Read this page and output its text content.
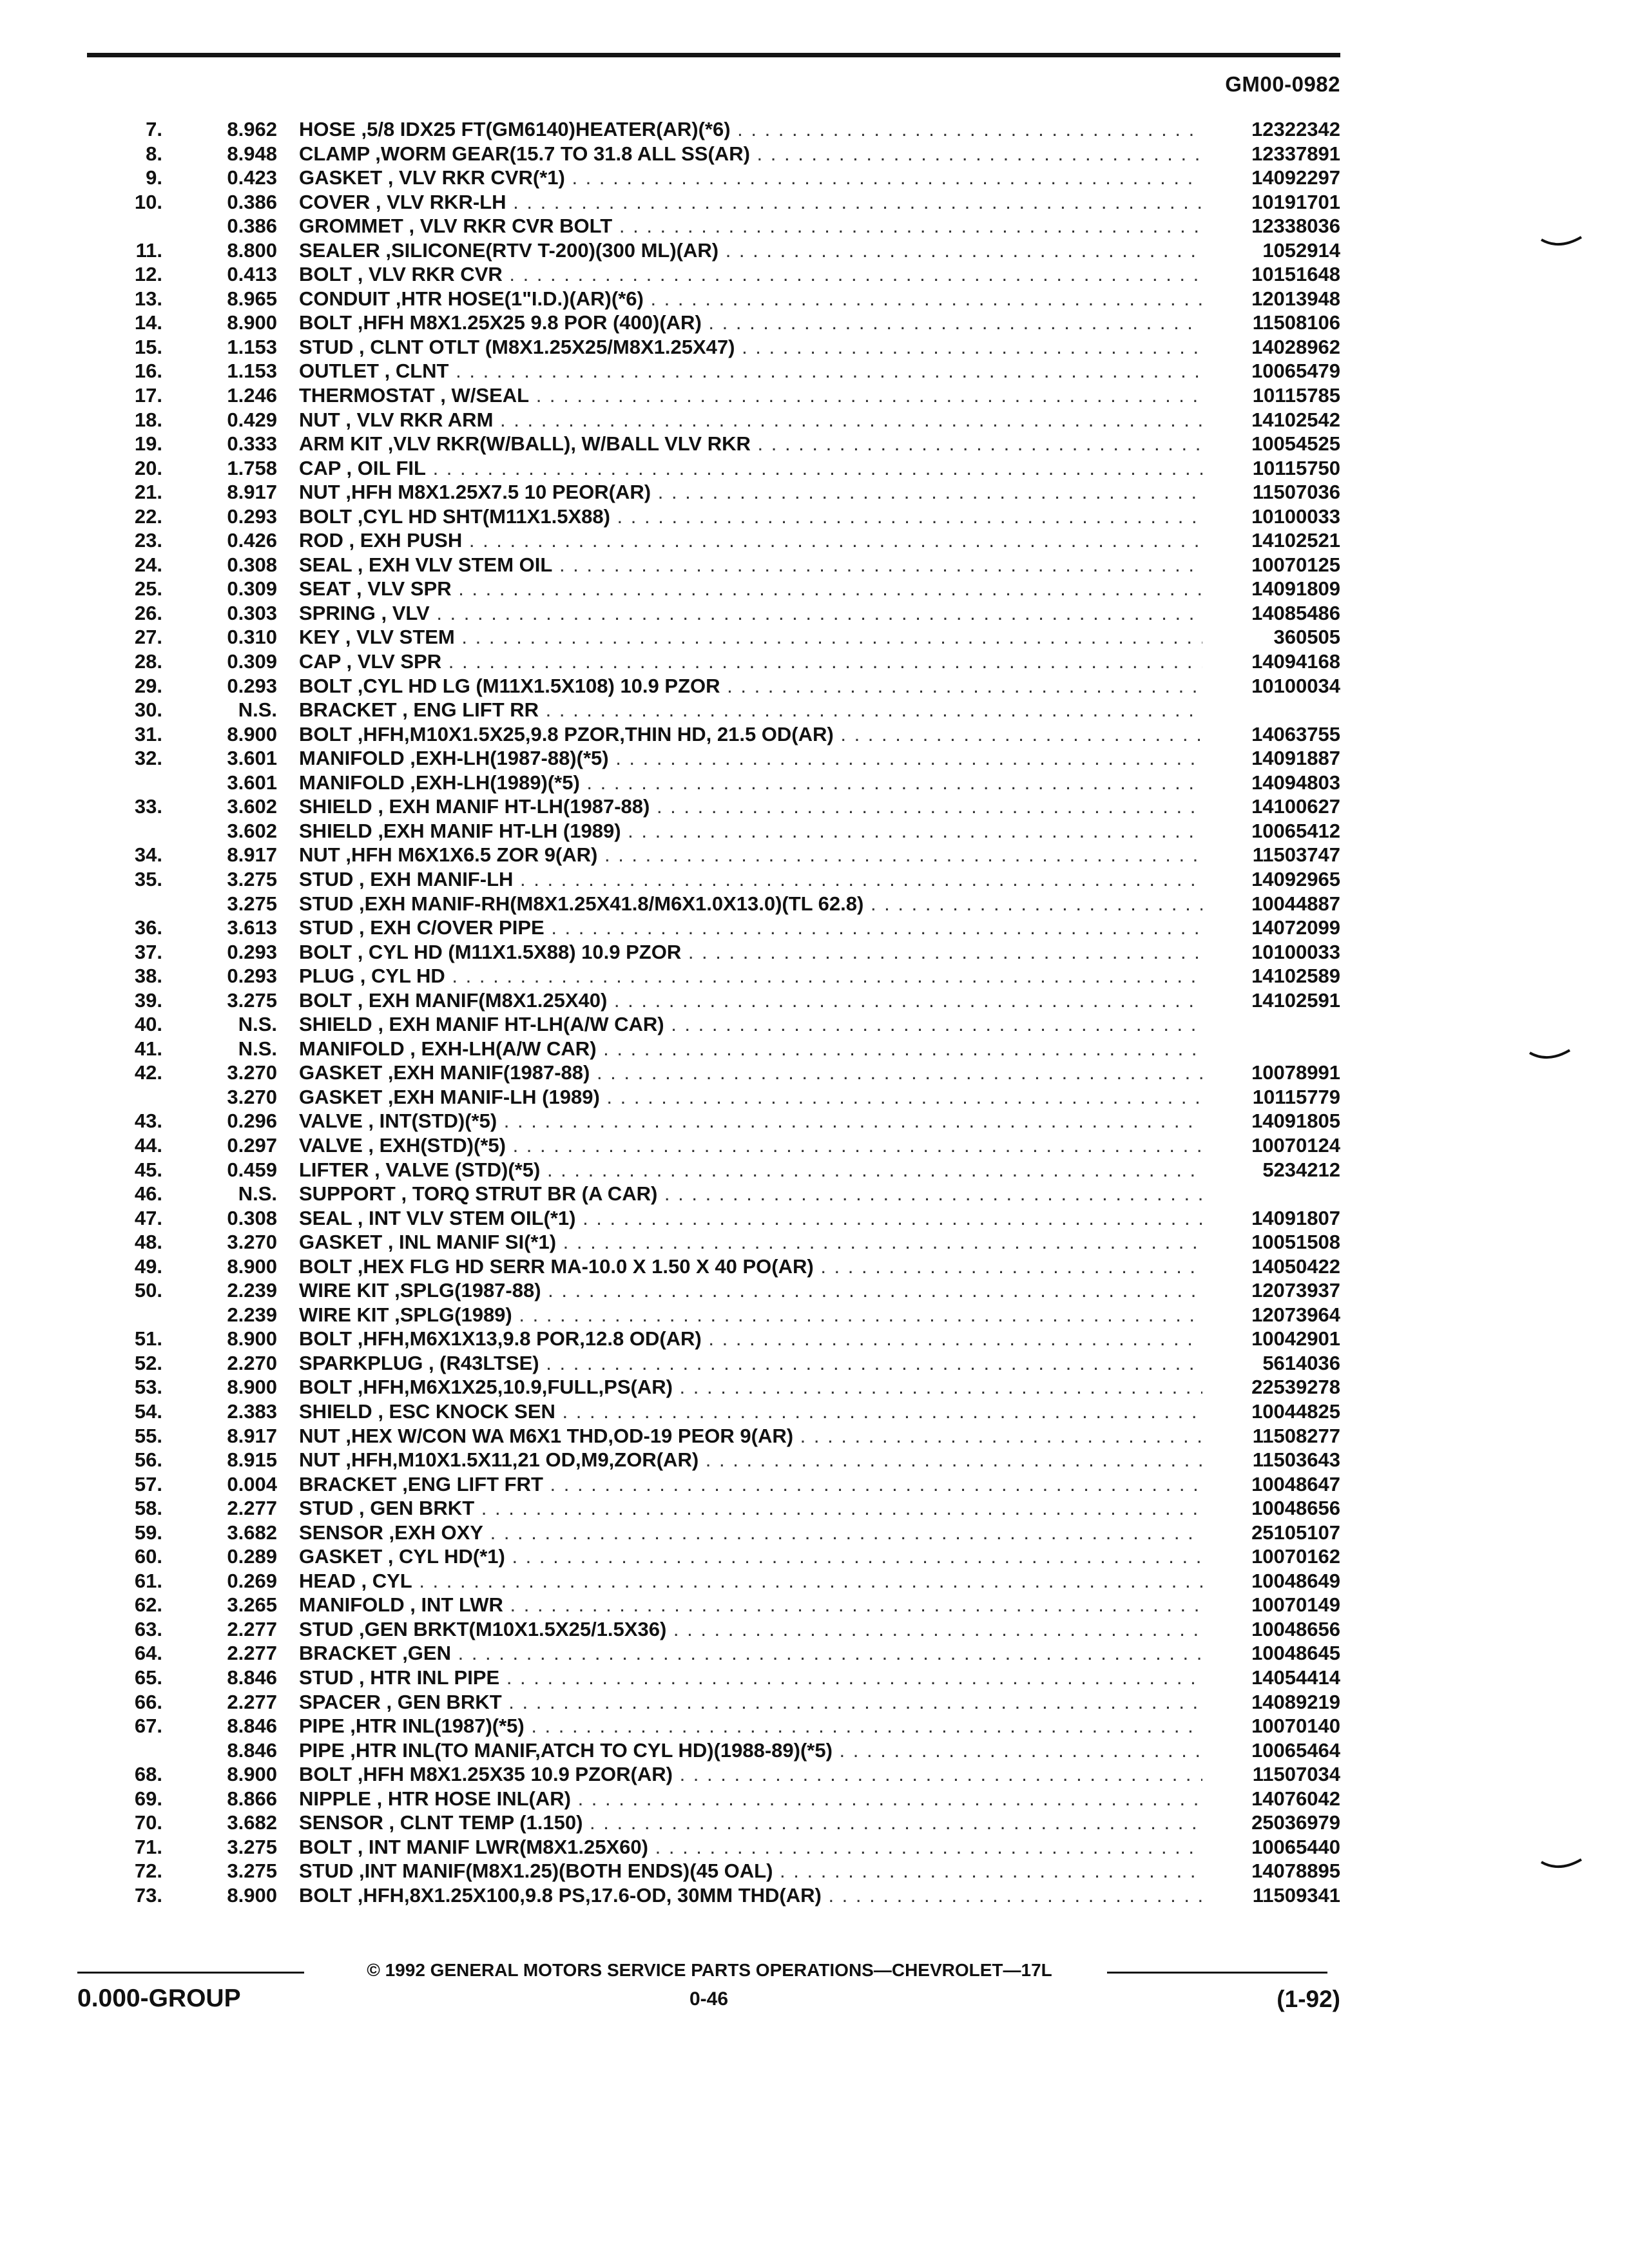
GM00-0982
7.	8.962 HOSE ,5/8 IDX25 FT(GM6140)HEATER(AR)(*6) . . .	12322342
8.	8.948 CLAMP ,WORM GEAR(15.7 TO 31.8 ALL SS(AR) . . .	12337891
9.	0.423 GASKET , VLV RKR CVR(*1) . . .	14092297
10.	0.386 COVER , VLV RKR-LH . . .	10191701
0.386 GROMMET , VLV RKR CVR BOLT . . .	12338036
11.	8.800 SEALER ,SILICONE(RTV T-200)(300 ML)(AR) . . .	1052914
12.	0.413 BOLT , VLV RKR CVR . . .	10151648
13.	8.965 CONDUIT ,HTR HOSE(1"I.D.)(AR)(*6) . . .	12013948
14.	8.900 BOLT ,HFH M8X1.25X25 9.8 POR (400)(AR) . . .	11508106
15.	1.153 STUD , CLNT OTLT (M8X1.25X25/M8X1.25X47) . . .	14028962
16.	1.153 OUTLET , CLNT . . .	10065479
17.	1.246 THERMOSTAT , W/SEAL . . .	10115785
18.	0.429 NUT , VLV RKR ARM . . .	14102542
19.	0.333 ARM KIT ,VLV RKR(W/BALL), W/BALL VLV RKR . . .	10054525
20.	1.758 CAP , OIL FIL . . .	10115750
21.	8.917 NUT ,HFH M8X1.25X7.5 10 PEOR(AR) . . .	11507036
22.	0.293 BOLT ,CYL HD SHT(M11X1.5X88) . . .	10100033
23.	0.426 ROD , EXH PUSH . . .	14102521
24.	0.308 SEAL , EXH VLV STEM OIL . . .	10070125
25.	0.309 SEAT , VLV SPR . . .	14091809
26.	0.303 SPRING , VLV . . .	14085486
27.	0.310 KEY , VLV STEM . . .	360505
28.	0.309 CAP , VLV SPR . . .	14094168
29.	0.293 BOLT ,CYL HD LG (M11X1.5X108) 10.9 PZOR . . .	10100034
30.	N.S. BRACKET , ENG LIFT RR . . .
31.	8.900 BOLT ,HFH,M10X1.5X25,9.8 PZOR,THIN HD, 21.5 OD(AR) . . .	14063755
32.	3.601 MANIFOLD ,EXH-LH(1987-88)(*5) . . .	14091887
3.601 MANIFOLD ,EXH-LH(1989)(*5) . . .	14094803
33.	3.602 SHIELD , EXH MANIF HT-LH(1987-88) . . .	14100627
3.602 SHIELD ,EXH MANIF HT-LH (1989) . . .	10065412
34.	8.917 NUT ,HFH M6X1X6.5 ZOR 9(AR) . . .	11503747
35.	3.275 STUD , EXH MANIF-LH . . .	14092965
3.275 STUD ,EXH MANIF-RH(M8X1.25X41.8/M6X1.0X13.0)(TL 62.8) . . .	10044887
36.	3.613 STUD , EXH C/OVER PIPE . . .	14072099
37.	0.293 BOLT , CYL HD (M11X1.5X88) 10.9 PZOR . . .	10100033
38.	0.293 PLUG , CYL HD . . .	14102589
39.	3.275 BOLT , EXH MANIF(M8X1.25X40) . . .	14102591
40.	N.S. SHIELD , EXH MANIF HT-LH(A/W CAR) . . .
41.	N.S. MANIFOLD , EXH-LH(A/W CAR) . . .
42.	3.270 GASKET ,EXH MANIF(1987-88) . . .	10078991
3.270 GASKET ,EXH MANIF-LH (1989) . . .	10115779
43.	0.296 VALVE , INT(STD)(*5) . . .	14091805
44.	0.297 VALVE , EXH(STD)(*5) . . .	10070124
45.	0.459 LIFTER , VALVE (STD)(*5) . . .	5234212
46.	N.S. SUPPORT , TORQ STRUT BR (A CAR) . . .
47.	0.308 SEAL , INT VLV STEM OIL(*1) . . .	14091807
48.	3.270 GASKET , INL MANIF SI(*1) . . .	10051508
49.	8.900 BOLT ,HEX FLG HD SERR MA-10.0 X 1.50 X 40 PO(AR) . . .	14050422
50.	2.239 WIRE KIT ,SPLG(1987-88) . . .	12073937
2.239 WIRE KIT ,SPLG(1989) . . .	12073964
51.	8.900 BOLT ,HFH,M6X1X13,9.8 POR,12.8 OD(AR) . . .	10042901
52.	2.270 SPARKPLUG , (R43LTSE) . . .	5614036
53.	8.900 BOLT ,HFH,M6X1X25,10.9,FULL,PS(AR) . . .	22539278
54.	2.383 SHIELD , ESC KNOCK SEN . . .	10044825
55.	8.917 NUT ,HEX W/CON WA M6X1 THD,OD-19 PEOR 9(AR) . . .	11508277
56.	8.915 NUT ,HFH,M10X1.5X11,21 OD,M9,ZOR(AR) . . .	11503643
57.	0.004 BRACKET ,ENG LIFT FRT . . .	10048647
58.	2.277 STUD , GEN BRKT . . .	10048656
59.	3.682 SENSOR ,EXH OXY . . .	25105107
60.	0.289 GASKET , CYL HD(*1) . . .	10070162
61.	0.269 HEAD , CYL . . .	10048649
62.	3.265 MANIFOLD , INT LWR . . .	10070149
63.	2.277 STUD ,GEN BRKT(M10X1.5X25/1.5X36) . . .	10048656
64.	2.277 BRACKET ,GEN . . .	10048645
65.	8.846 STUD , HTR INL PIPE . . .	14054414
66.	2.277 SPACER , GEN BRKT . . .	14089219
67.	8.846 PIPE ,HTR INL(1987)(*5) . . .	10070140
8.846 PIPE ,HTR INL(TO MANIF,ATCH TO CYL HD)(1988-89)(*5) . . .	10065464
68.	8.900 BOLT ,HFH M8X1.25X35 10.9 PZOR(AR) . . .	11507034
69.	8.866 NIPPLE , HTR HOSE INL(AR) . . .	14076042
70.	3.682 SENSOR , CLNT TEMP (1.150) . . .	25036979
71.	3.275 BOLT , INT MANIF LWR(M8X1.25X60) . . .	10065440
72.	3.275 STUD ,INT MANIF(M8X1.25)(BOTH ENDS)(45 OAL) . . .	14078895
73.	8.900 BOLT ,HFH,8X1.25X100,9.8 PS,17.6-OD, 30MM THD(AR) . . .	11509341
© 1992 GENERAL MOTORS SERVICE PARTS OPERATIONS—CHEVROLET—17L
0.000-GROUP	0-46	(1-92)
